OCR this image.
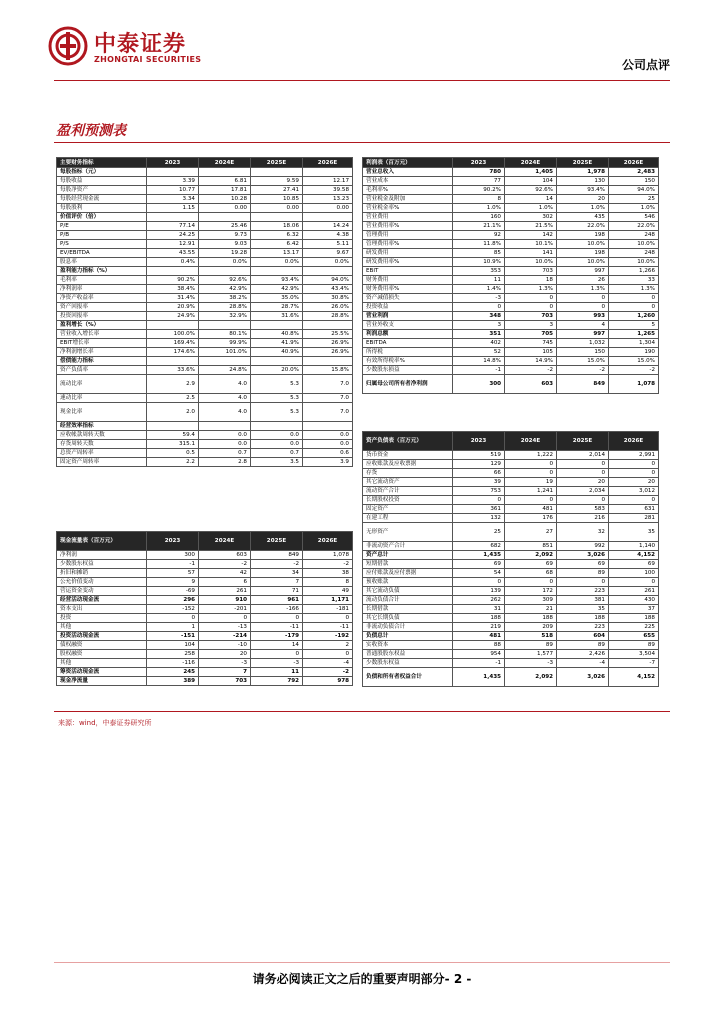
中泰证券
ZHONGTAI SECURITIES	公司点评
盈利预测表
主要财务指标	2023	2024E	2025E	2026E
每股指标（元）				
每股收益	3.39	6.81	9.59	12.17
每股净资产	10.77	17.81	27.41	39.58
每股经营现金流	3.34	10.28	10.85	13.23
每股股利	1.15	0.00	0.00	0.00
价值评价（倍）				
P/E	77.14	25.46	18.06	14.24
P/B	24.25	9.73	6.32	4.38
P/S	12.91	9.03	6.42	5.11
EV/EBITDA	43.55	19.28	13.17	9.67
股息率	0.4%	0.0%	0.0%	0.0%
盈利能力指标（%）				
毛利率	90.2%	92.6%	93.4%	94.0%
净利润率	38.4%	42.9%	42.9%	43.4%
净资产收益率	31.4%	38.2%	35.0%	30.8%
资产回报率	20.9%	28.8%	28.7%	26.0%
投资回报率	24.9%	32.9%	31.6%	28.8%
盈利增长（%）				
营业收入增长率	100.0%	80.1%	40.8%	25.5%
EBIT增长率	169.4%	99.9%	41.9%	26.9%
净利润增长率	174.6%	101.0%	40.9%	26.9%
偿债能力指标				
资产负债率	33.6%	24.8%	20.0%	15.8%
流动比率	2.9	4.0	5.3	7.0
速动比率	2.5	4.0	5.3	7.0
现金比率	2.0	4.0	5.3	7.0
经营效率指标				
应收帐款周转天数	59.4	0.0	0.0	0.0
存货周转天数	315.1	0.0	0.0	0.0
总资产周转率	0.5	0.7	0.7	0.6
固定资产周转率	2.2	2.8	3.5	3.9
现金流量表（百万元）	2023	2024E	2025E	2026E
净利润	300	603	849	1,078
少数股东权益	-1	-2	-2	-2
折旧和摊销	57	42	34	38
公允价值变动	9	6	7	8
营运资金变动	-69	261	71	49
经营活动现金流	296	910	961	1,171
资本支出	-152	-201	-166	-181
投资	0	0	0	0
其他	1	-13	-11	-11
投资活动现金流	-151	-214	-179	-192
债权融资	104	-10	14	2
股权融资	258	20	0	0
其他	-116	-3	-3	-4
筹资活动现金流	245	7	11	-2
现金净流量	389	703	792	978
利润表（百万元）	2023	2024E	2025E	2026E
营业总收入	780	1,405	1,978	2,483
营业成本	77	104	130	150
毛利率%	90.2%	92.6%	93.4%	94.0%
营业税金及附加	8	14	20	25
营业税金率%	1.0%	1.0%	1.0%	1.0%
营业费用	160	302	435	546
营业费用率%	21.1%	21.5%	22.0%	22.0%
管理费用	92	142	198	248
管理费用率%	11.8%	10.1%	10.0%	10.0%
研发费用	85	141	198	248
研发费用率%	10.9%	10.0%	10.0%	10.0%
EBIT	353	703	997	1,266
财务费用	11	18	26	33
财务费用率%	1.4%	1.3%	1.3%	1.3%
资产减值损失	-3	0	0	0
投资收益	0	0	0	0
营业利润	348	703	993	1,260
营业外收支	3	3	4	5
利润总额	351	705	997	1,265
EBITDA	402	745	1,032	1,304
所得税	52	105	150	190
有效所得税率%	14.8%	14.9%	15.0%	15.0%
少数股东损益	-1	-2	-2	-2
归属母公司所有者净利润	300	603	849	1,078
资产负债表（百万元）	2023	2024E	2025E	2026E
货币资金	519	1,222	2,014	2,991
应收账款及应收票据	129	0	0	0
存货	66	0	0	0
其它流动资产	39	19	20	20
流动资产合计	753	1,241	2,034	3,012
长期股权投资	0	0	0	0
固定资产	361	481	583	631
在建工程	132	176	216	281
无形资产	25	27	32	35
非流动资产合计	682	851	992	1,140
资产总计	1,435	2,092	3,026	4,152
短期借款	69	69	69	69
应付账款及应付票据	54	68	89	100
预收账款	0	0	0	0
其它流动负债	139	172	223	261
流动负债合计	262	309	381	430
长期借款	31	21	35	37
其它长期负债	188	188	188	188
非流动负债合计	219	209	223	225
负债总计	481	518	604	655
实收资本	88	89	89	89
普通股股东权益	954	1,577	2,426	3,504
少数股东权益	-1	-3	-4	-7
负债和所有者权益合计	1,435	2,092	3,026	4,152
来源：wind，中泰证券研究所
请务必阅读正文之后的重要声明部分- 2 -
